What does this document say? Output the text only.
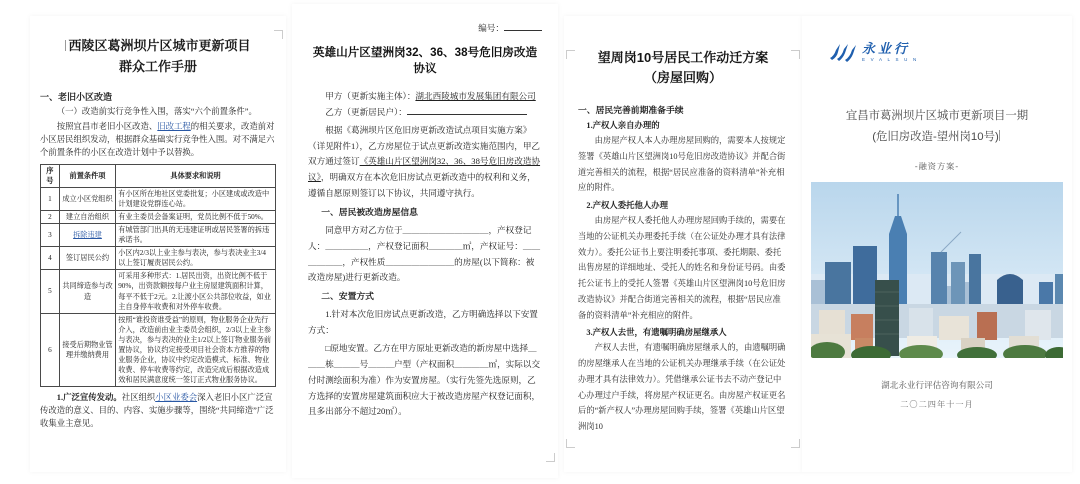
西陵区葛洲坝片区城市更新项目
群众工作手册
一、老旧小区改造

（一）改造前实行竞争性入围，落实“六个前置条件”。

按照宜昌市老旧小区改造、旧改工程的相关要求，改造前对小区居民组织发动，根据群众基础实行竞争性入围。对不满足六个前置条件的小区在改造计划中予以替换。

序号	前置条件项	具体要求和说明
1	成立小区党组织	有小区所在地社区党委批复；小区建成或改造中计划建设党群连心站。
2	建立自治组织	有业主委员会备案证明，党员比例不低于50%。
3	拆除违建	有城管部门出具的无违建证明或居民签署的拆违承诺书。
4	签订居民公约	小区内2/3以上业主参与表决，参与表决业主3/4以上签订履责居民公约。
5	共同缔造参与改造	可采用多种形式：1.居民出资，出资比例不低于90%，出资款额按每户业主房屋建筑面积计算，每平不低于2元。2.让渡小区公共部位收益，如业主自身停车收费和对外停车收费。
6	接受后期物业管理并缴纳费用	按照“谁投资谁受益”的原则，物业服务企业先行介入，改造前由业主委员会组织，2/3以上业主参与表决，参与表决的业主1/2以上签订物业服务前置协议，协议约定接受项目社会资本方推荐的物业服务企业，协议中约定改造模式、标准、物业收费、停车收费等约定，改造完成后根据改造成效和居民满意度统一签订正式物业服务协议。

1.广泛宣传发动。社区组织小区业委会深入老旧小区广泛宣传改造的意义、目的、内容、实施步骤等，围绕“共同缔造”广泛收集业主意见。

编号：
英雄山片区望洲岗32、36、38号危旧房改造协议

甲方（更新实施主体）：湖北西陵城市发展集团有限公司

乙方（更新居民户）：

根据《葛洲坝片区危旧房更新改造试点项目实施方案》（详见附件1），乙方房屋位于试点更新改造实施范围内，甲乙双方通过签订《英雄山片区望洲岗32、36、38号危旧房改造协议》，明确双方在本次危旧房试点更新改造中的权利和义务，遵循自愿原则签订以下协议，共同遵守执行。

一、居民被改造房屋信息

同意甲方对乙方位于＿＿＿＿＿＿＿＿＿＿，产权登记人：＿＿＿＿＿，产权登记面积＿＿＿＿㎡，产权证号：＿＿＿＿＿＿，产权性质＿＿＿＿＿＿＿＿的房屋(以下简称：被改造房屋)进行更新改造。

二、安置方式

1.针对本次危旧房试点更新改造，乙方明确选择以下安置方式：

□原地安置。乙方在甲方原址更新改造的新房屋中选择＿＿＿栋＿＿＿号＿＿＿户型（产权面积＿＿＿＿㎡，实际以交付时测绘面积为准）作为安置房屋。（实行先签先选原则，乙方选择的安置房屋建筑面积应大于被改造房屋产权登记面积，且多出部分不超过20㎡）。

望周岗10号居民工作动迁方案
（房屋回购）
一、居民完善前期准备手续
1.产权人亲自办理的

由房屋产权人本人办理房屋回购的，需要本人按规定签署《英雄山片区望洲岗10号危旧房改造协议》并配合街道完善相关的流程，根据“居民应准备的资料清单”补充相应的附件。

2.产权人委托他人办理

由房屋产权人委托他人办理房屋回购手续的，需要在当地的公证机关办理委托手续（在公证处办理才具有法律效力）。委托公证书上要注明委托事项、委托期限、委托出售房屋的详细地址、受托人的姓名和身份证号码。由委托公证书上的受托人签署《英雄山片区望洲岗10号危旧房改造协议》并配合街道完善相关的流程，根据“居民应准备的资料清单”补充相应的附件。

3.产权人去世，有遗嘱明确房屋继承人

产权人去世，有遗嘱明确房屋继承人的，由遗嘱明确的房屋继承人在当地的公证机关办理继承手续（在公证处办理才具有法律效力）。凭借继承公证书去不动产登记中心办理过户手续，将房屋产权证更名。由房屋产权证更名后的“新产权人”办理房屋回购手续，签署《英雄山片区望洲岗10

永业行
E V A L S U N
宜昌市葛洲坝片区城市更新项目一期
(危旧房改造-望州岗10号)
-融资方案-
湖北永业行评估咨询有限公司
二〇二四年十一月
